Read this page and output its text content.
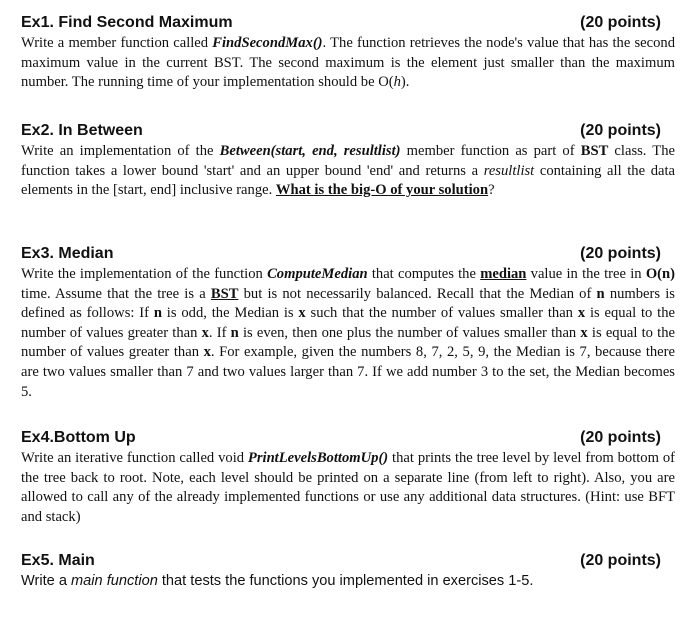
Ex1. Find Second Maximum	(20 points)

Write a member function called FindSecondMax(). The function retrieves the node's value that has the second maximum value in the current BST. The second maximum is the element just smaller than the maximum number. The running time of your implementation should be O(h).

Ex2. In Between	(20 points)

Write an implementation of the Between(start, end, resultlist) member function as part of BST class. The function takes a lower bound 'start' and an upper bound 'end' and returns a resultlist containing all the data elements in the [start, end] inclusive range. What is the big-O of your solution?

Ex3. Median	(20 points)

Write the implementation of the function ComputeMedian that computes the median value in the tree in O(n) time. Assume that the tree is a BST but is not necessarily balanced. Recall that the Median of n numbers is defined as follows: If n is odd, the Median is x such that the number of values smaller than x is equal to the number of values greater than x. If n is even, then one plus the number of values smaller than x is equal to the number of values greater than x. For example, given the numbers 8, 7, 2, 5, 9, the Median is 7, because there are two values smaller than 7 and two values larger than 7. If we add number 3 to the set, the Median becomes 5.

Ex4.Bottom Up	(20 points)

Write an iterative function called void PrintLevelsBottomUp() that prints the tree level by level from bottom of the tree back to root. Note, each level should be printed on a separate line (from left to right). Also, you are allowed to call any of the already implemented functions or use any additional data structures. (Hint: use BFT and stack)

Ex5. Main	(20 points)

Write a main function that tests the functions you implemented in exercises 1-5.
